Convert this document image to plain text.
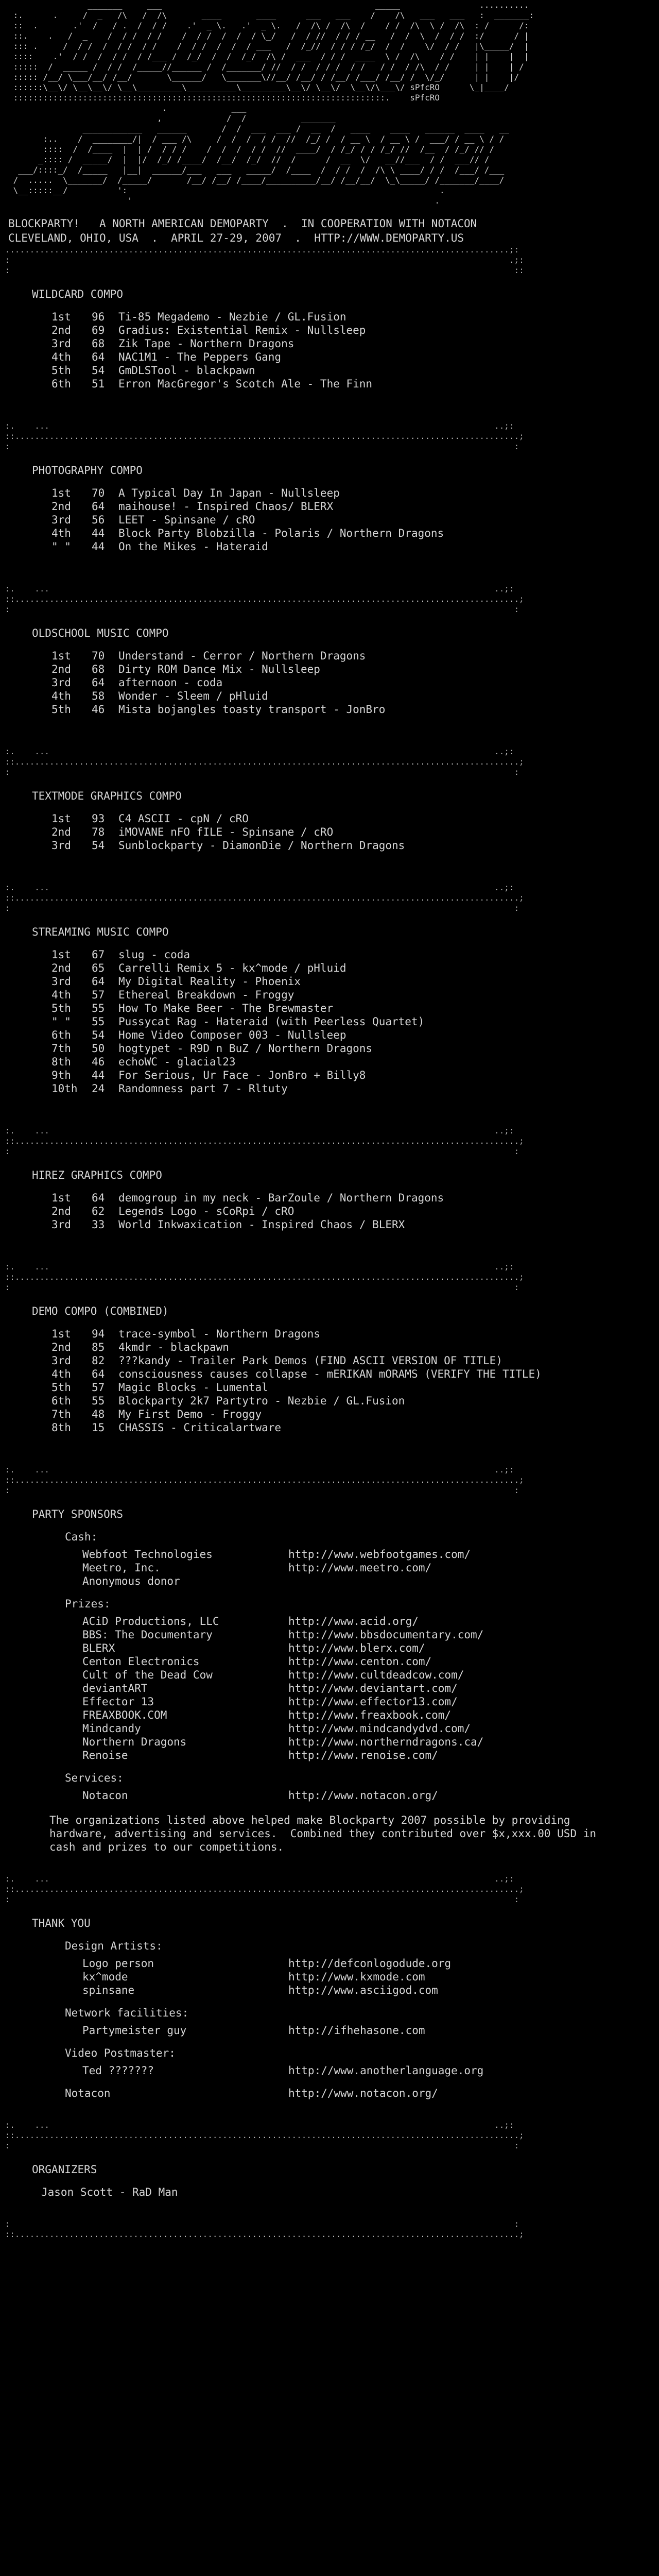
_______     ___                                           _____                ..........
:.      .     /  _   /\   /  /\       ____       ____      ___   ___    /    /\   ___   ___   :  _______:
::  .       .'  /   / .  /  / /    .'  _ \.   .'  _ \.   /  /\ /  /\  /    / /  /\  \ /  /\  : /      /:
::.    .   /  _    /  / /  / /    /  / /  /  /  / \_/   /  / //  / / / __   /  /  \  /  / /  :/      / |
::: .     /  / /  /  / /  / /    /  / /  /  /  / ___   /  /_//  / / / /_/  /  /    \/  / /   |\_____/  |
::::    .'  / /  /  / /  / /___ /  /_/  /  /  /_/  /\ /  ___  / / /  ____  \ /  /\    / /    | |    |  |
:::::  /  _____ /  / /  /_____//______ /  /_______/ //  / /  / / /  / /   / /  / /\  / /     | |    | /
::::: /__/ \___/__/ /__/       \______/   \_______\//__/ /__/ / /__/ /___/ /__/ /  \/_/      | |    |/
::::::\__\/ \__\__\/ \__\_________\__________\_________\__\/ \__\/  \__\/\___\/ sPfcRO      \_|____/
:::::::::::::::::::::::::::::::::::::::::::::::::::::::::::::::::::::::::::.    sPfcRO
.             ___
,             /  /           _______
____________   ______       /  /  ___  ___ /  __  /   ____    ____   ______  ____   __
:..    /  ________/|  / ___ /\     /  /  /  / /  //  /_/ /  / __ \  / __ \ /  ___/ / __ \ / /
::::  /  /____  |  | /  / / /    /  /  /  / /  //  ____/  / /_/ / / /_/ //  /__  / /_/ // /
_:::: /  _____/  |  |/  /_/ /____/  /__/  /_/  //  /      /  __  \/   __//___  / /  ___// /
___/::::_/  /_____   |__|  ______/___   ___   _____/  /____  /  / /  /  /\ \ ____/ / /  /___/ /___
/  .....  \_______/  /_____/       /__/ /__/ /____/__________/__/ /__/__/  \_\_____/ /_______/____/
\__:::::__/          ':                                                               .
'                                                             .

BLOCKPARTY!   A NORTH AMERICAN DEMOPARTY  .  IN COOPERATION WITH NOTACON
CLEVELAND, OHIO, USA  .  APRIL 27-29, 2007  .  HTTP://WWW.DEMOPARTY.US
......................................................................................................;:
:                                                                                                     .;:
:                                                                                                      ::
WILDCARD COMPO
1st	96	Ti-85 Megademo - Nezbie / GL.Fusion
2nd	69	Gradius: Existential Remix - Nullsleep
3rd	68	Zik Tape - Northern Dragons
4th	64	NAC1M1 - The Peppers Gang
5th	54	GmDLSTool - blackpawn
6th	51	Erron MacGregor's Scotch Ale - The Finn

:.    ...                                                                                          ..;:
::......................................................................................................;
:                                                                                                      :
PHOTOGRAPHY COMPO
1st	70	A Typical Day In Japan - Nullsleep
2nd	64	maihouse! - Inspired Chaos/ BLERX
3rd	56	LEET - Spinsane / cRO
4th	44	Block Party Blobzilla - Polaris / Northern Dragons
" "	44	On the Mikes - Hateraid

:.    ...                                                                                          ..;:
::......................................................................................................;
:                                                                                                      :
OLDSCHOOL MUSIC COMPO
1st	70	Understand - Cerror / Northern Dragons
2nd	68	Dirty ROM Dance Mix - Nullsleep
3rd	64	afternoon - coda
4th	58	Wonder - Sleem / pHluid
5th	46	Mista bojangles toasty transport - JonBro

:.    ...                                                                                          ..;:
::......................................................................................................;
:                                                                                                      :
TEXTMODE GRAPHICS COMPO
1st	93	C4 ASCII - cpN / cRO
2nd	78	iMOVANE nFO fILE - Spinsane / cRO
3rd	54	Sunblockparty - DiamonDie / Northern Dragons

:.    ...                                                                                          ..;:
::......................................................................................................;
:                                                                                                      :
STREAMING MUSIC COMPO
1st	67	slug - coda
2nd	65	Carrelli Remix 5 - kx^mode / pHluid
3rd	64	My Digital Reality - Phoenix
4th	57	Ethereal Breakdown - Froggy
5th	55	How To Make Beer - The Brewmaster
" "	55	Pussycat Rag - Hateraid (with Peerless Quartet)
6th	54	Home Video Composer 003 - Nullsleep
7th	50	hogtypet - R9D n BuZ / Northern Dragons
8th	46	echoWC - glacial23
9th	44	For Serious, Ur Face - JonBro + Billy8
10th	24	Randomness part 7 - Rltuty

:.    ...                                                                                          ..;:
::......................................................................................................;
:                                                                                                      :
HIREZ GRAPHICS COMPO
1st	64	demogroup in my neck - BarZoule / Northern Dragons
2nd	62	Legends Logo - sCoRpi / cRO
3rd	33	World Inkwaxication - Inspired Chaos / BLERX

:.    ...                                                                                          ..;:
::......................................................................................................;
:                                                                                                      :
DEMO COMPO (COMBINED)
1st	94	trace-symbol - Northern Dragons
2nd	85	4kmdr - blackpawn
3rd	82	???kandy - Trailer Park Demos (FIND ASCII VERSION OF TITLE)
4th	64	consciousness causes collapse - mERIKAN mORAMS (VERIFY THE TITLE)
5th	57	Magic Blocks - Lumental
6th	55	Blockparty 2k7 Partytro - Nezbie / GL.Fusion
7th	48	My First Demo - Froggy
8th	15	CHASSIS - Criticalartware

:.    ...                                                                                          ..;:
::......................................................................................................;
:                                                                                                      :
PARTY SPONSORS
Cash:
Webfoot Technologies	http://www.webfootgames.com/
Meetro, Inc.	http://www.meetro.com/
Anonymous donor
Prizes:
ACiD Productions, LLC	http://www.acid.org/
BBS: The Documentary	http://www.bbsdocumentary.com/
BLERX	http://www.blerx.com/
Centon Electronics	http://www.centon.com/
Cult of the Dead Cow	http://www.cultdeadcow.com/
deviantART	http://www.deviantart.com/
Effector 13	http://www.effector13.com/
FREAXBOOK.COM	http://www.freaxbook.com/
Mindcandy	http://www.mindcandydvd.com/
Northern Dragons	http://www.northerndragons.ca/
Renoise	http://www.renoise.com/
Services:
Notacon	http://www.notacon.org/
The organizations listed above helped make Blockparty 2007 possible by providing hardware, advertising and services.  Combined they contributed over $x,xxx.00 USD in cash and prizes to our competitions.
:.    ...                                                                                          ..;:
::......................................................................................................;
:                                                                                                      :
THANK YOU
Design Artists:
Logo person	http://defconlogodude.org
kx^mode	http://www.kxmode.com
spinsane	http://www.asciigod.com
Network facilities:
Partymeister guy	http://ifhehasone.com
Video Postmaster:
Ted ???????	http://www.anotherlanguage.org
Notacon	http://www.notacon.org/
:.    ...                                                                                          ..;:
::......................................................................................................;
:                                                                                                      :
ORGANIZERS
Jason Scott - RaD Man
:                                                                                                      :
::......................................................................................................;
